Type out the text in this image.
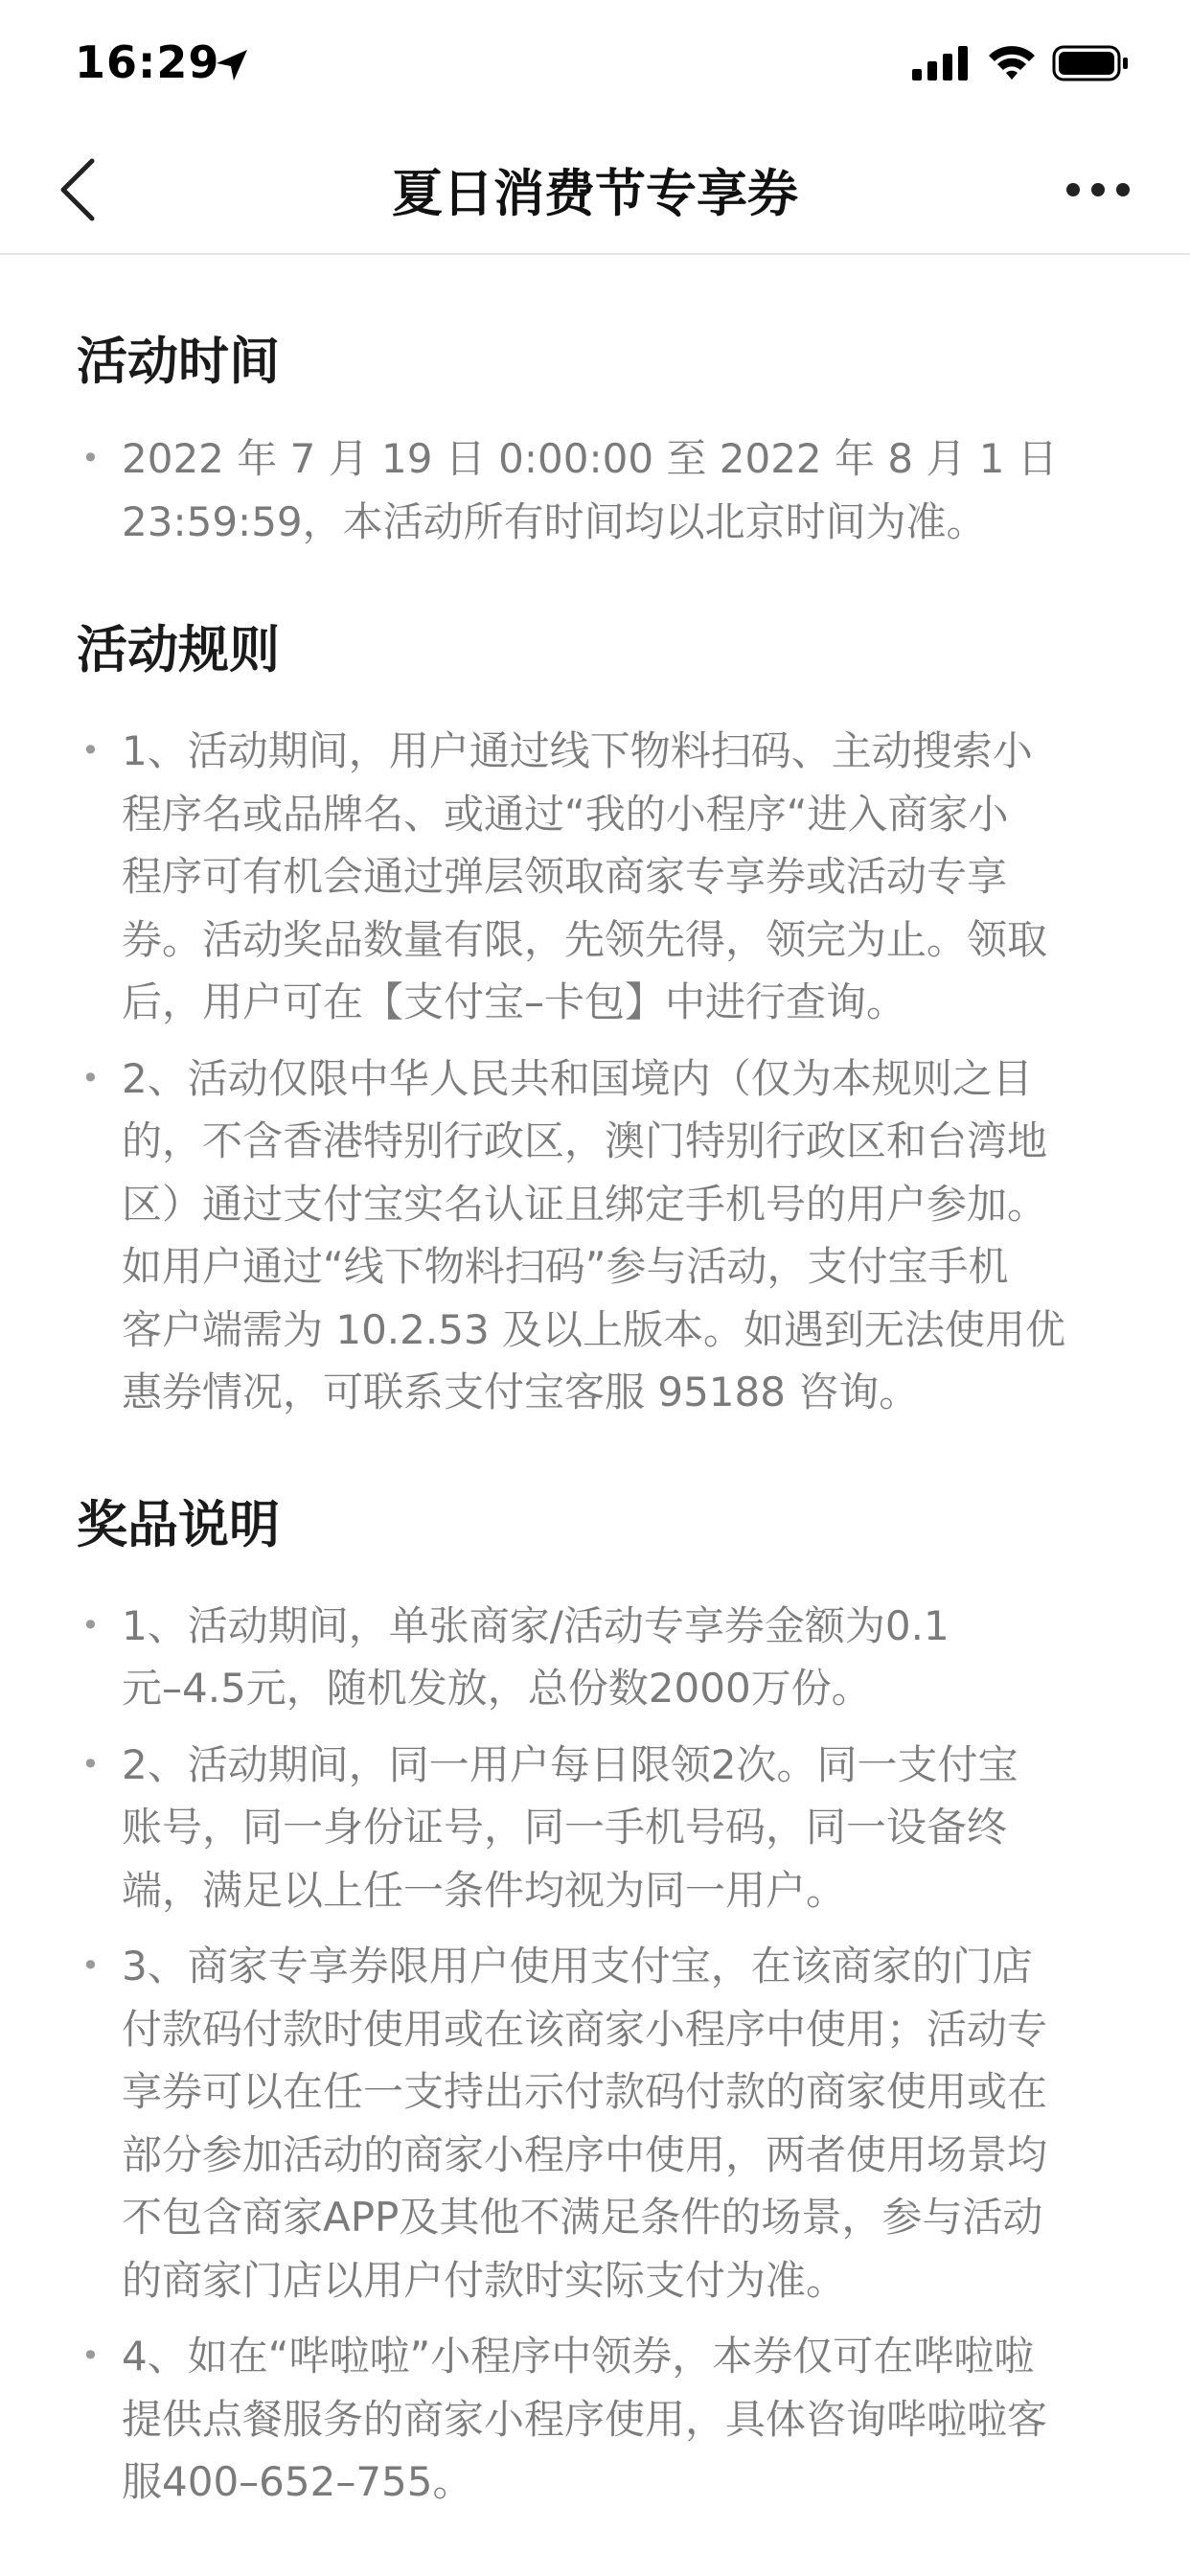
16:29
夏日消费节专享券
活动时间
• 2022 年 7 月 19 日 0:00:00 至 2022 年 8 月 1 日
23:59:59，本活动所有时间均以北京时间为准。
活动规则
• 1、活动期间，用户通过线下物料扫码、主动搜索小
程序名或品牌名、或通过“我的小程序“进入商家小
程序可有机会通过弹层领取商家专享券或活动专享
券。活动奖品数量有限，先领先得，领完为止。领取
后，用户可在【支付宝–卡包】中进行查询。
• 2、活动仅限中华人民共和国境内（仅为本规则之目
的，不含香港特别行政区，澳门特别行政区和台湾地
区）通过支付宝实名认证且绑定手机号的用户参加。
如用户通过“线下物料扫码”参与活动，支付宝手机
客户端需为 10.2.53 及以上版本。如遇到无法使用优
惠券情况，可联系支付宝客服 95188 咨询。
奖品说明
• 1、活动期间，单张商家/活动专享券金额为0.1
元–4.5元，随机发放，总份数2000万份。
• 2、活动期间，同一用户每日限领2次。同一支付宝
账号，同一身份证号，同一手机号码，同一设备终
端，满足以上任一条件均视为同一用户。
• 3、商家专享券限用户使用支付宝，在该商家的门店
付款码付款时使用或在该商家小程序中使用；活动专
享券可以在任一支持出示付款码付款的商家使用或在
部分参加活动的商家小程序中使用，两者使用场景均
不包含商家APP及其他不满足条件的场景，参与活动
的商家门店以用户付款时实际支付为准。
• 4、如在“哔啦啦”小程序中领券，本券仅可在哔啦啦
提供点餐服务的商家小程序使用，具体咨询哔啦啦客
服400–652–755。
